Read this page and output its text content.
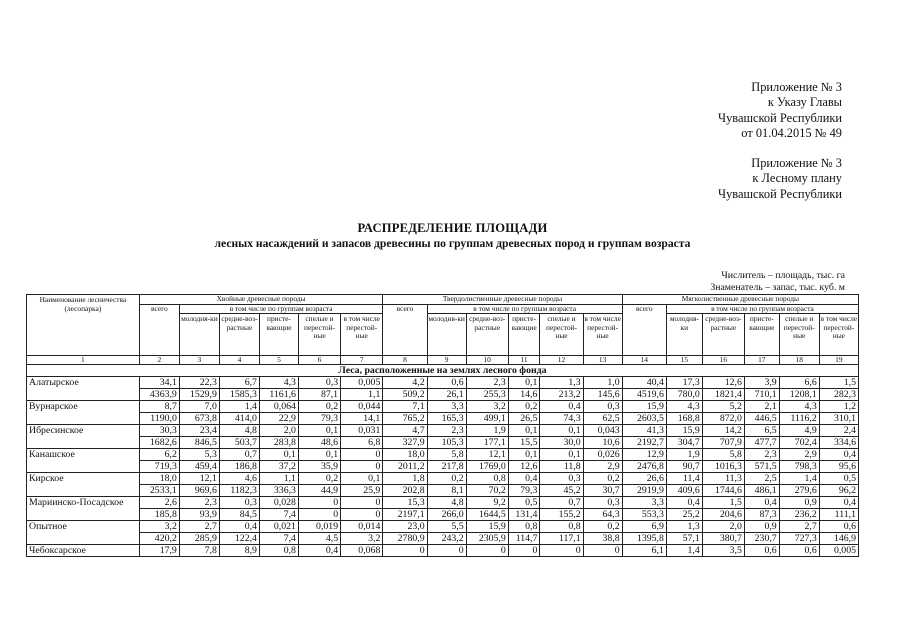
Приложение № 3
к Указу Главы
Чувашской Республики
от 01.04.2015 № 49
Приложение № 3
к Лесному плану
Чувашской Республики
РАСПРЕДЕЛЕНИЕ ПЛОЩАДИ
лесных насаждений и запасов древесины по группам древесных пород и группам возраста
Числитель – площадь, тыс. га
Знаменатель – запас, тыс. куб. м
Наименование лесничества (лесопарка)	Хвойные древесные породы						Твердолиственные древесные породы						Мягколиственные древесные породы					
	всего	в том числе по группам возраста					всего	в том числе по группам возраста					всего	в том числе по группам возраста				
		молодня-ки	средне-воз-растные	присте-вающие	спелые и перестой-ные	в том числе перестой-ные		молодня-ки	средне-воз-растные	присте-вающие	спелые и перестой-ные	в том числе перестой-ные		молодня-ки	средне-воз-растные	присте-вающие	спелые и перестой-ные	в том числе перестой-ные
1	2	3	4	5	6	7	8	9	10	11	12	13	14	15	16	17	18	19
Леса, расположенные на землях лесного фонда																		
Алатырское	34,1	22,3	6,7	4,3	0,3	0,005	4,2	0,6	2,3	0,1	1,3	1,0	40,4	17,3	12,6	3,9	6,6	1,5
	4363,9	1529,9	1585,3	1161,6	87,1	1,1	509,2	26,1	255,3	14,6	213,2	145,6	4519,6	780,0	1821,4	710,1	1208,1	282,3
Вурнарское	8,7	7,0	1,4	0,064	0,2	0,044	7,1	3,3	3,2	0,2	0,4	0,3	15,9	4,3	5,2	2,1	4,3	1,2
	1190,0	673,8	414,0	22,9	79,3	14,1	765,2	165,3	499,1	26,5	74,3	62,5	2603,5	168,8	872,0	446,5	1116,2	310,1
Ибресинское	30,3	23,4	4,8	2,0	0,1	0,031	4,7	2,3	1,9	0,1	0,1	0,043	41,3	15,9	14,2	6,5	4,9	2,4
	1682,6	846,5	503,7	283,8	48,6	6,8	327,9	105,3	177,1	15,5	30,0	10,6	2192,7	304,7	707,9	477,7	702,4	334,6
Канашское	6,2	5,3	0,7	0,1	0,1	0	18,0	5,8	12,1	0,1	0,1	0,026	12,9	1,9	5,8	2,3	2,9	0,4
	719,3	459,4	186,8	37,2	35,9	0	2011,2	217,8	1769,0	12,6	11,8	2,9	2476,8	90,7	1016,3	571,5	798,3	95,6
Кирское	18,0	12,1	4,6	1,1	0,2	0,1	1,8	0,2	0,8	0,4	0,3	0,2	26,6	11,4	11,3	2,5	1,4	0,5
	2533,1	969,6	1182,3	336,3	44,9	25,9	202,8	8,1	70,2	79,3	45,2	30,7	2919,9	409,6	1744,6	486,1	279,6	96,2
Мариинско-Посадское	2,6	2,3	0,3	0,028	0	0	15,3	4,8	9,2	0,5	0,7	0,3	3,3	0,4	1,5	0,4	0,9	0,4
	185,8	93,9	84,5	7,4	0	0	2197,1	266,0	1644,5	131,4	155,2	64,3	553,3	25,2	204,6	87,3	236,2	111,1
Опытное	3,2	2,7	0,4	0,021	0,019	0,014	23,0	5,5	15,9	0,8	0,8	0,2	6,9	1,3	2,0	0,9	2,7	0,6
	420,2	285,9	122,4	7,4	4,5	3,2	2780,9	243,2	2305,9	114,7	117,1	38,8	1395,8	57,1	380,7	230,7	727,3	146,9
Чебоксарское	17,9	7,8	8,9	0,8	0,4	0,068	0	0	0	0	0	0	6,1	1,4	3,5	0,6	0,6	0,005
